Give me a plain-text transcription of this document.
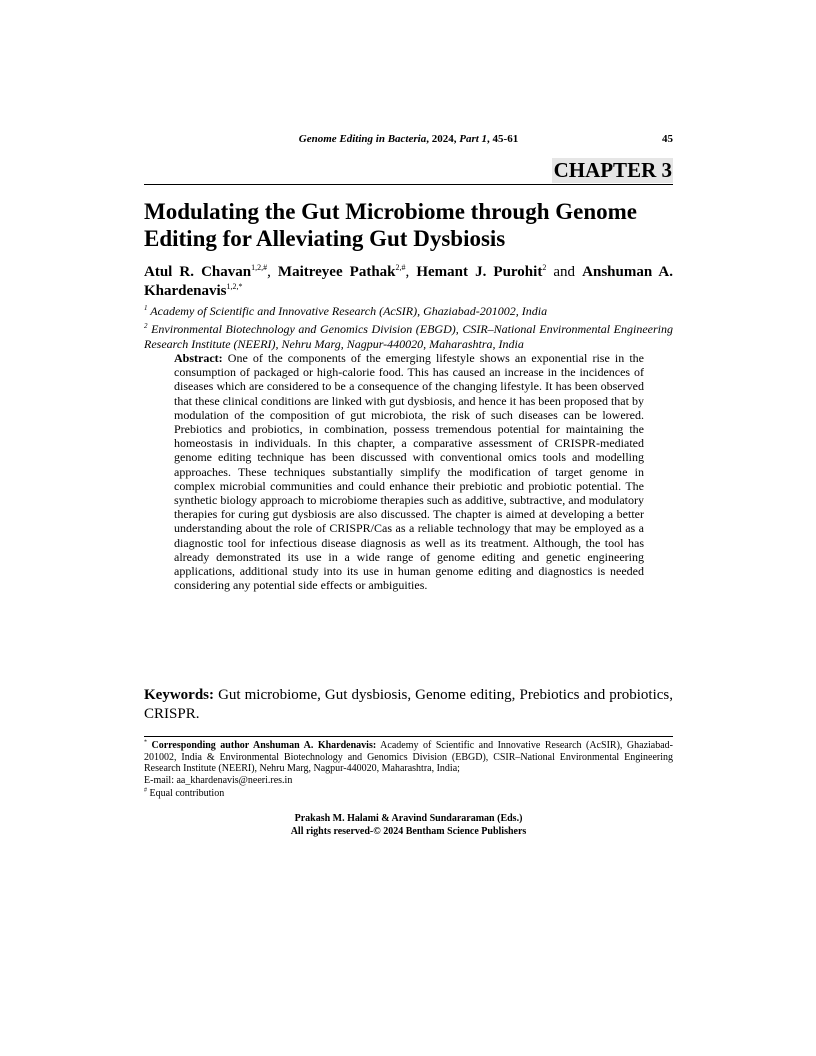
Genome Editing in Bacteria, 2024, Part 1, 45-61	45
CHAPTER 3
Modulating the Gut Microbiome through Genome Editing for Alleviating Gut Dysbiosis
Atul R. Chavan$^{1,2,\#}$, Maitreyee Pathak$^{2,\#}$, Hemant J. Purohit$^2$ and Anshuman A. Khardenavis$^{1,2,*}$
$^1$ Academy of Scientific and Innovative Research (AcSIR), Ghaziabad-201002, India
$^2$ Environmental Biotechnology and Genomics Division (EBGD), CSIR–National Environmental Engineering Research Institute (NEERI), Nehru Marg, Nagpur-440020, Maharashtra, India
Abstract: One of the components of the emerging lifestyle shows an exponential rise in the consumption of packaged or high-calorie food. This has caused an increase in the incidences of diseases which are considered to be a consequence of the changing lifestyle. It has been observed that these clinical conditions are linked with gut dysbiosis, and hence it has been proposed that by modulation of the composition of gut microbiota, the risk of such diseases can be lowered. Prebiotics and probiotics, in combination, possess tremendous potential for maintaining the homeostasis in individuals. In this chapter, a comparative assessment of CRISPR-mediated genome editing technique has been discussed with conventional omics tools and modelling approaches. These techniques substantially simplify the modification of target genome in complex microbial communities and could enhance their prebiotic and probiotic potential. The synthetic biology approach to microbiome therapies such as additive, subtractive, and modulatory therapies for curing gut dysbiosis are also discussed. The chapter is aimed at developing a better understanding about the role of CRISPR/Cas as a reliable technology that may be employed as a diagnostic tool for infectious disease diagnosis as well as its treatment. Although, the tool has already demonstrated its use in a wide range of genome editing and genetic engineering applications, additional study into its use in human genome editing and diagnostics is needed considering any potential side effects or ambiguities.
Keywords: Gut microbiome, Gut dysbiosis, Genome editing, Prebiotics and probiotics, CRISPR.
* Corresponding author Anshuman A. Khardenavis: Academy of Scientific and Innovative Research (AcSIR), Ghaziabad-201002, India & Environmental Biotechnology and Genomics Division (EBGD), CSIR–National Environmental Engineering Research Institute (NEERI), Nehru Marg, Nagpur-440020, Maharashtra, India;
E-mail: aa_khardenavis@neeri.res.in
# Equal contribution
Prakash M. Halami & Aravind Sundararaman (Eds.)
All rights reserved-© 2024 Bentham Science Publishers
